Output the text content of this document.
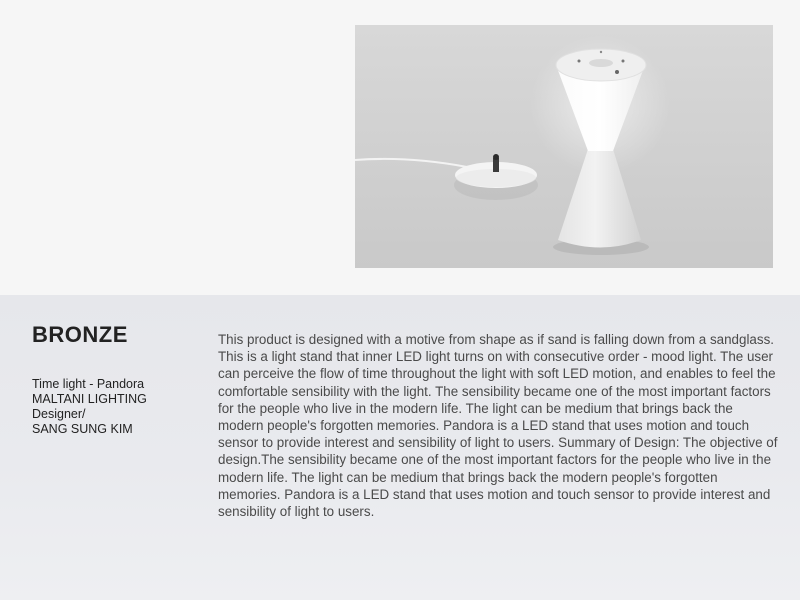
BRONZE
Time light - Pandora
MALTANI LIGHTING
Designer/
SANG SUNG KIM

This product is designed with a motive from shape as if sand is falling down from a sandglass. This is a light stand that inner LED light turns on with consecutive order - mood light. The user can perceive the flow of time throughout the light with soft LED motion, and enables to feel the comfortable sensibility with the light. The sensibility became one of the most important factors for the people who live in the modern life. The light can be medium that brings back the modern people's forgotten memories. Pandora is a LED stand that uses motion and touch sensor to provide interest and sensibility of light to users. Summary of Design: The objective of design.The sensibility became one of the most important factors for the people who live in the modern life. The light can be medium that brings back the modern people's forgotten memories. Pandora is a LED stand that uses motion and touch sensor to provide interest and sensibility of light to users.
